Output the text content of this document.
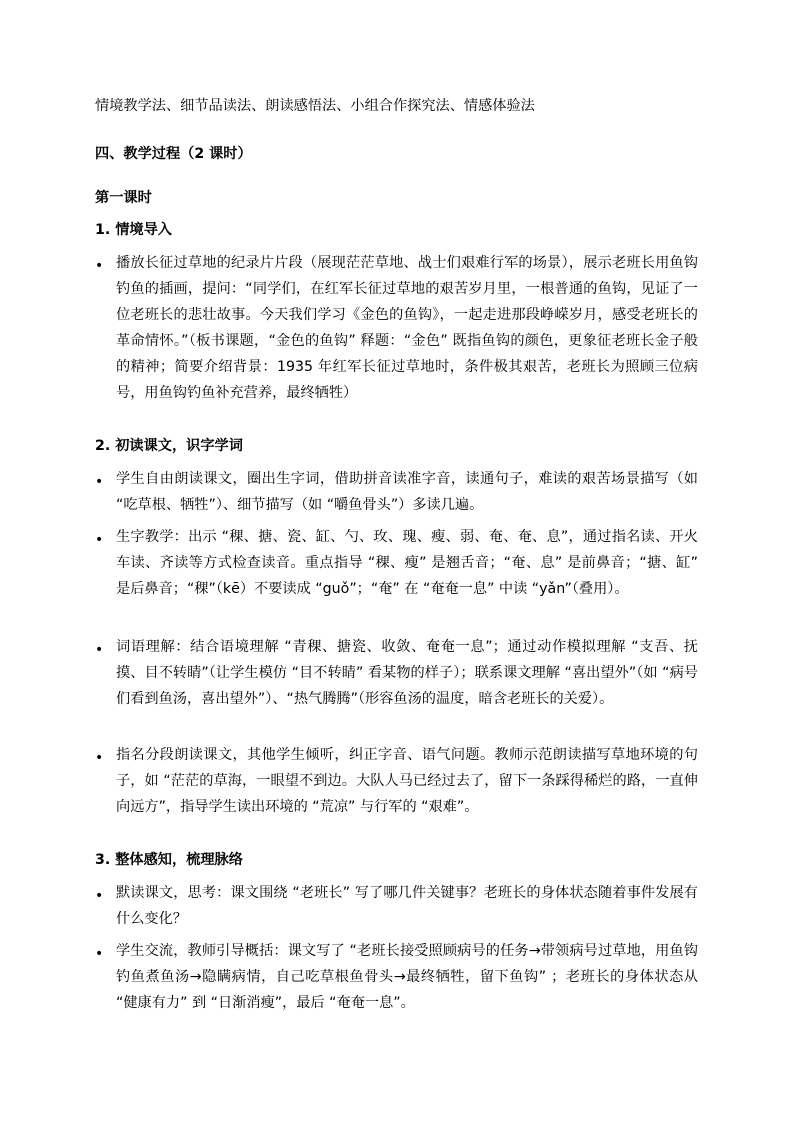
情境教学法、细节品读法、朗读感悟法、小组合作探究法、情感体验法
四、教学过程（2 课时）
第一课时
1. 情境导入
• 播放长征过草地的纪录片片段（展现茫茫草地、战士们艰难行军的场景），展示老班长用鱼钩钓鱼的插画，提问：“同学们，在红军长征过草地的艰苦岁月里，一根普通的鱼钩，见证了一位老班长的悲壮故事。今天我们学习《金色的鱼钩》，一起走进那段峥嵘岁月，感受老班长的革命情怀。”（板书课题，“金色的鱼钩” 释题：“金色” 既指鱼钩的颜色，更象征老班长金子般的精神；简要介绍背景：1935 年红军长征过草地时，条件极其艰苦，老班长为照顾三位病号，用鱼钩钓鱼补充营养，最终牺牲）
2. 初读课文，识字学词
• 学生自由朗读课文，圈出生字词，借助拼音读准字音，读通句子，难读的艰苦场景描写（如 “吃草根、牺牲”）、细节描写（如 “嚼鱼骨头”）多读几遍。
• 生字教学：出示 “稞、搪、瓷、缸、勺、玫、瑰、瘦、弱、奄、奄、息”，通过指名读、开火车读、齐读等方式检查读音。重点指导 “稞、瘦” 是翘舌音；“奄、息” 是前鼻音；“搪、缸” 是后鼻音；“稞”（kē）不要读成 “guǒ”；“奄” 在 “奄奄一息” 中读 “yǎn”（叠用）。
• 词语理解：结合语境理解 “青稞、搪瓷、收敛、奄奄一息”；通过动作模拟理解 “支吾、抚摸、目不转睛”（让学生模仿 “目不转睛” 看某物的样子）；联系课文理解 “喜出望外”（如 “病号们看到鱼汤，喜出望外”）、“热气腾腾”（形容鱼汤的温度，暗含老班长的关爱）。
• 指名分段朗读课文，其他学生倾听，纠正字音、语气问题。教师示范朗读描写草地环境的句子，如 “茫茫的草海，一眼望不到边。大队人马已经过去了，留下一条踩得稀烂的路，一直伸向远方”，指导学生读出环境的 “荒凉” 与行军的 “艰难”。
3. 整体感知，梳理脉络
• 默读课文，思考：课文围绕 “老班长” 写了哪几件关键事？老班长的身体状态随着事件发展有什么变化？
• 学生交流，教师引导概括：课文写了 “老班长接受照顾病号的任务→带领病号过草地，用鱼钩钓鱼煮鱼汤→隐瞒病情，自己吃草根鱼骨头→最终牺牲，留下鱼钩” ；老班长的身体状态从 “健康有力” 到 “日渐消瘦”，最后 “奄奄一息”。
